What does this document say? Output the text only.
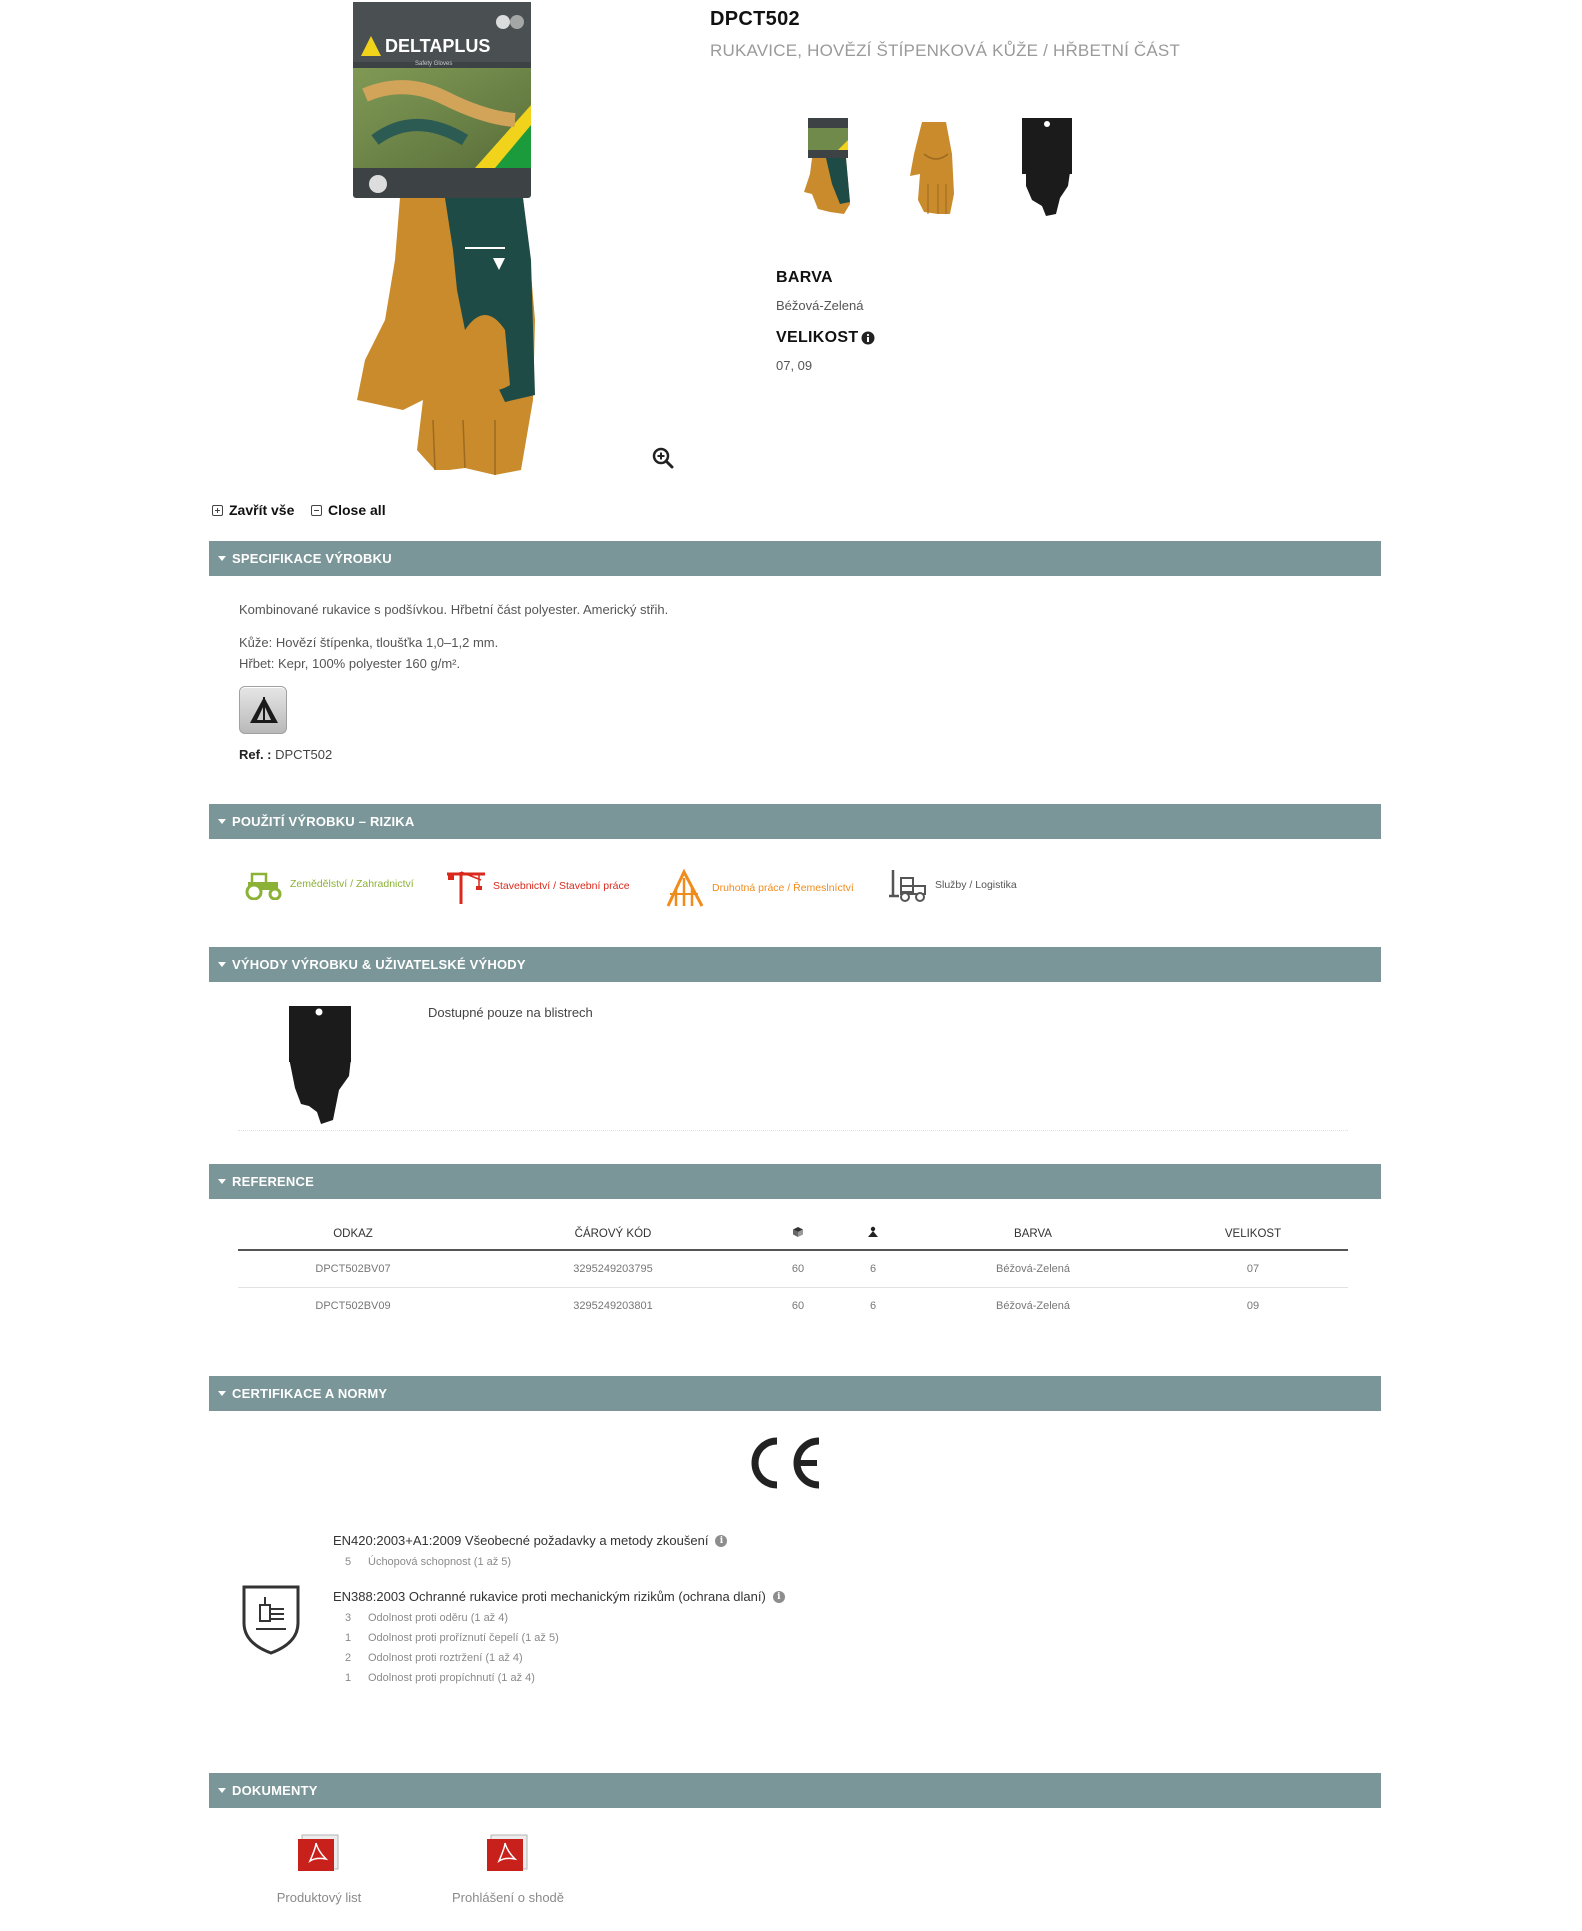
DELTAPLUS
Safety Gloves
DPCT502
RUKAVICE, HOVĚZÍ ŠTÍPENKOVÁ KŮŽE / HŘBETNÍ ČÁST
BARVA
Béžová-Zelená
VELIKOST
07, 09
Zavřít vše Close all
SPECIFIKACE VÝROBKU
Kombinované rukavice s podšívkou. Hřbetní část polyester. Americký střih.
Kůže: Hovězí štípenka, tloušťka 1,0–1,2 mm.
Hřbet: Kepr, 100% polyester 160 g/m².
Ref. : DPCT502
POUŽITÍ VÝROBKU – RIZIKA
Zemědělství / Zahradnictví	Stavebnictví / Stavební práce	Druhotná práce / Řemeslníctví	Služby / Logistika
VÝHODY VÝROBKU & UŽIVATELSKÉ VÝHODY
Dostupné pouze na blistrech
REFERENCE
ODKAZ	ČÁROVÝ KÓD			BARVA	VELIKOST
DPCT502BV07	3295249203795	60	6	Béžová-Zelená	07
DPCT502BV09	3295249203801	60	6	Béžová-Zelená	09
CERTIFIKACE A NORMY
EN420:2003+A1:2009 Všeobecné požadavky a metody zkoušení	i
5 Úchopová schopnost (1 až 5)
EN388:2003 Ochranné rukavice proti mechanickým rizikům (ochrana dlaní)	i
3 Odolnost proti oděru (1 až 4)
1 Odolnost proti proříznutí čepelí (1 až 5)
2 Odolnost proti roztržení (1 až 4)
1 Odolnost proti propíchnutí (1 až 4)
DOKUMENTY
Produktový list	Prohlášení o shodě
